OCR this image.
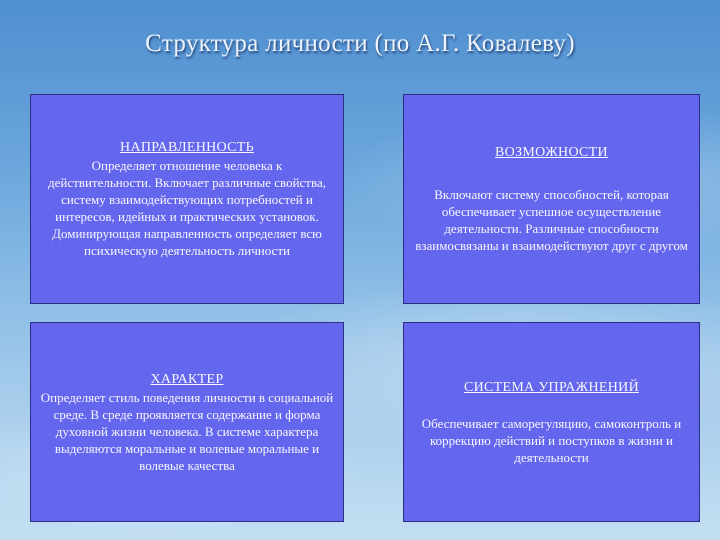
Структура личности (по А.Г. Ковалеву)
НАПРАВЛЕННОСТЬ
Определяет отношение человека к действительности. Включает различные свойства, систему взаимодействующих потребностей и интересов, идейных и практических установок. Доминирующая направленность определяет всю психическую деятельность личности
ВОЗМОЖНОСТИ
Включают систему способностей, которая обеспечивает успешное осуществление деятельности. Различные способности взаимосвязаны и взаимодействуют друг с другом
ХАРАКТЕР
Определяет стиль поведения личности в социальной среде. В среде проявляется содержание и форма духовной жизни человека. В системе характера выделяются моральные и волевые моральные и волевые качества
СИСТЕМА УПРАЖНЕНИЙ
Обеспечивает саморегуляцию, самоконтроль и коррекцию действий и поступков в жизни и деятельности
